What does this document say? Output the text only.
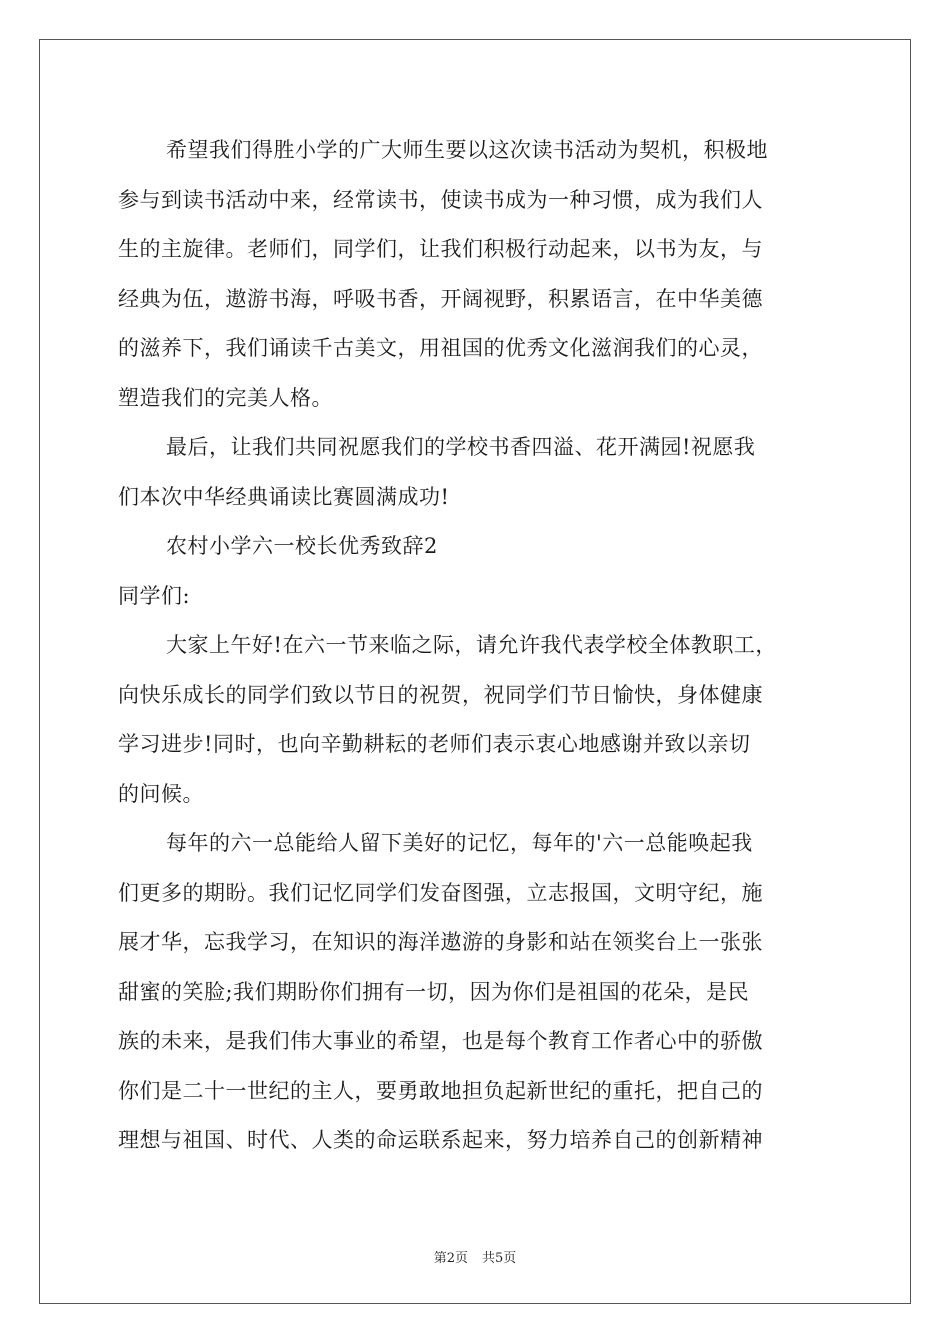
希望我们得胜小学的广大师生要以这次读书活动为契机，积极地
参与到读书活动中来，经常读书，使读书成为一种习惯，成为我们人
生的主旋律。老师们，同学们，让我们积极行动起来，以书为友，与
经典为伍，遨游书海，呼吸书香，开阔视野，积累语言，在中华美德
的滋养下，我们诵读千古美文，用祖国的优秀文化滋润我们的心灵，
塑造我们的完美人格。
最后，让我们共同祝愿我们的学校书香四溢、花开满园!祝愿我
们本次中华经典诵读比赛圆满成功!
农村小学六一校长优秀致辞2
同学们:
大家上午好!在六一节来临之际，请允许我代表学校全体教职工，
向快乐成长的同学们致以节日的祝贺，祝同学们节日愉快，身体健康
学习进步!同时，也向辛勤耕耘的老师们表示衷心地感谢并致以亲切
的问候。
每年的六一总能给人留下美好的记忆，每年的'六一总能唤起我
们更多的期盼。我们记忆同学们发奋图强，立志报国，文明守纪，施
展才华，忘我学习，在知识的海洋遨游的身影和站在领奖台上一张张
甜蜜的笑脸;我们期盼你们拥有一切，因为你们是祖国的花朵，是民
族的未来，是我们伟大事业的希望，也是每个教育工作者心中的骄傲
你们是二十一世纪的主人，要勇敢地担负起新世纪的重托，把自己的
理想与祖国、时代、人类的命运联系起来，努力培养自己的创新精神
第2页 共5页
